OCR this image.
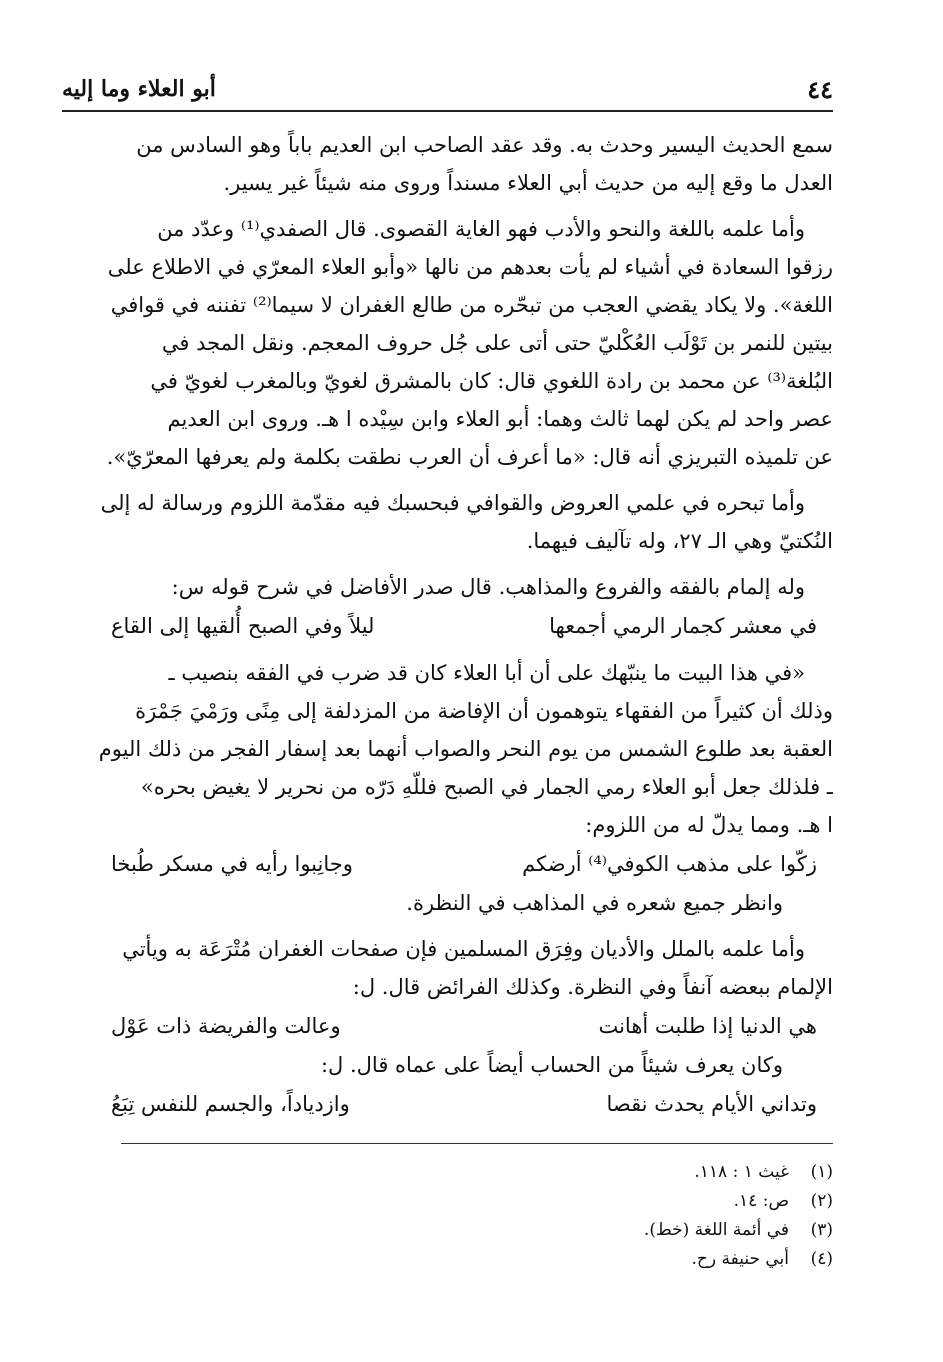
٤٤
أبو العلاء وما إليه
سمع الحديث اليسير وحدث به. وقد عقد الصاحب ابن العديم باباً وهو السادس من
العدل ما وقع إليه من حديث أبي العلاء مسنداً وروى منه شيئاً غير يسير.
وأما علمه باللغة والنحو والأدب فهو الغاية القصوى. قال الصفدي⁽¹⁾ وعدّد من
رزقوا السعادة في أشياء لم يأت بعدهم من نالها «وأبو العلاء المعرّي في الاطلاع على
اللغة». ولا يكاد يقضي العجب من تبحّره من طالع الغفران لا سيما⁽²⁾ تفننه في قوافي
بيتين للنمر بن تَوْلَب العُكْليّ حتى أتى على جُل حروف المعجم. ونقل المجد في
البُلغة⁽³⁾ عن محمد بن رادة اللغوي قال: كان بالمشرق لغويّ وبالمغرب لغويّ في
عصر واحد لم يكن لهما ثالث وهما: أبو العلاء وابن سِيْده ا هـ. وروى ابن العديم
عن تلميذه التبريزي أنه قال: «ما أعرف أن العرب نطقت بكلمة ولم يعرفها المعرّيّ».
وأما تبحره في علمي العروض والقوافي فبحسبك فيه مقدّمة اللزوم ورسالة له إلى
النُكتيّ وهي الـ ٢٧، وله تآليف فيهما.
وله إلمام بالفقه والفروع والمذاهب. قال صدر الأفاضل في شرح قوله س:
في معشر كجمار الرمي أجمعها
ليلاً وفي الصبح أُلقيها إلى القاع
«في هذا البيت ما ينبّهك على أن أبا العلاء كان قد ضرب في الفقه بنصيب ـ
وذلك أن كثيراً من الفقهاء يتوهمون أن الإفاضة من المزدلفة إلى مِنًى ورَمْيَ جَمْرَة
العقبة بعد طلوع الشمس من يوم النحر والصواب أنهما بعد إسفار الفجر من ذلك اليوم
ـ فلذلك جعل أبو العلاء رمي الجمار في الصبح فللّهِ دَرّه من نحرير لا يغيض بحره»
ا هـ. ومما يدلّ له من اللزوم:
زكّوا على مذهب الكوفي⁽⁴⁾ أرضكم
وجانِبوا رأيه في مسكر طُبخا
وانظر جميع شعره في المذاهب في النظرة.
وأما علمه بالملل والأديان وفِرَق المسلمين فإن صفحات الغفران مُتْرَعَة به ويأتي
الإلمام ببعضه آنفاً وفي النظرة. وكذلك الفرائض قال. ل:
هي الدنيا إذا طلبت أهانت
وعالت والفريضة ذات عَوْل
وكان يعرف شيئاً من الحساب أيضاً على عماه قال. ل:
وتداني الأيام يحدث نقصا
وازدياداً، والجسم للنفس تِبَعُ
(١)غيث ١ : ١١٨.
(٢)ص: ١٤.
(٣)في أئمة اللغة (خط).
(٤)أبي حنيفة رح.
